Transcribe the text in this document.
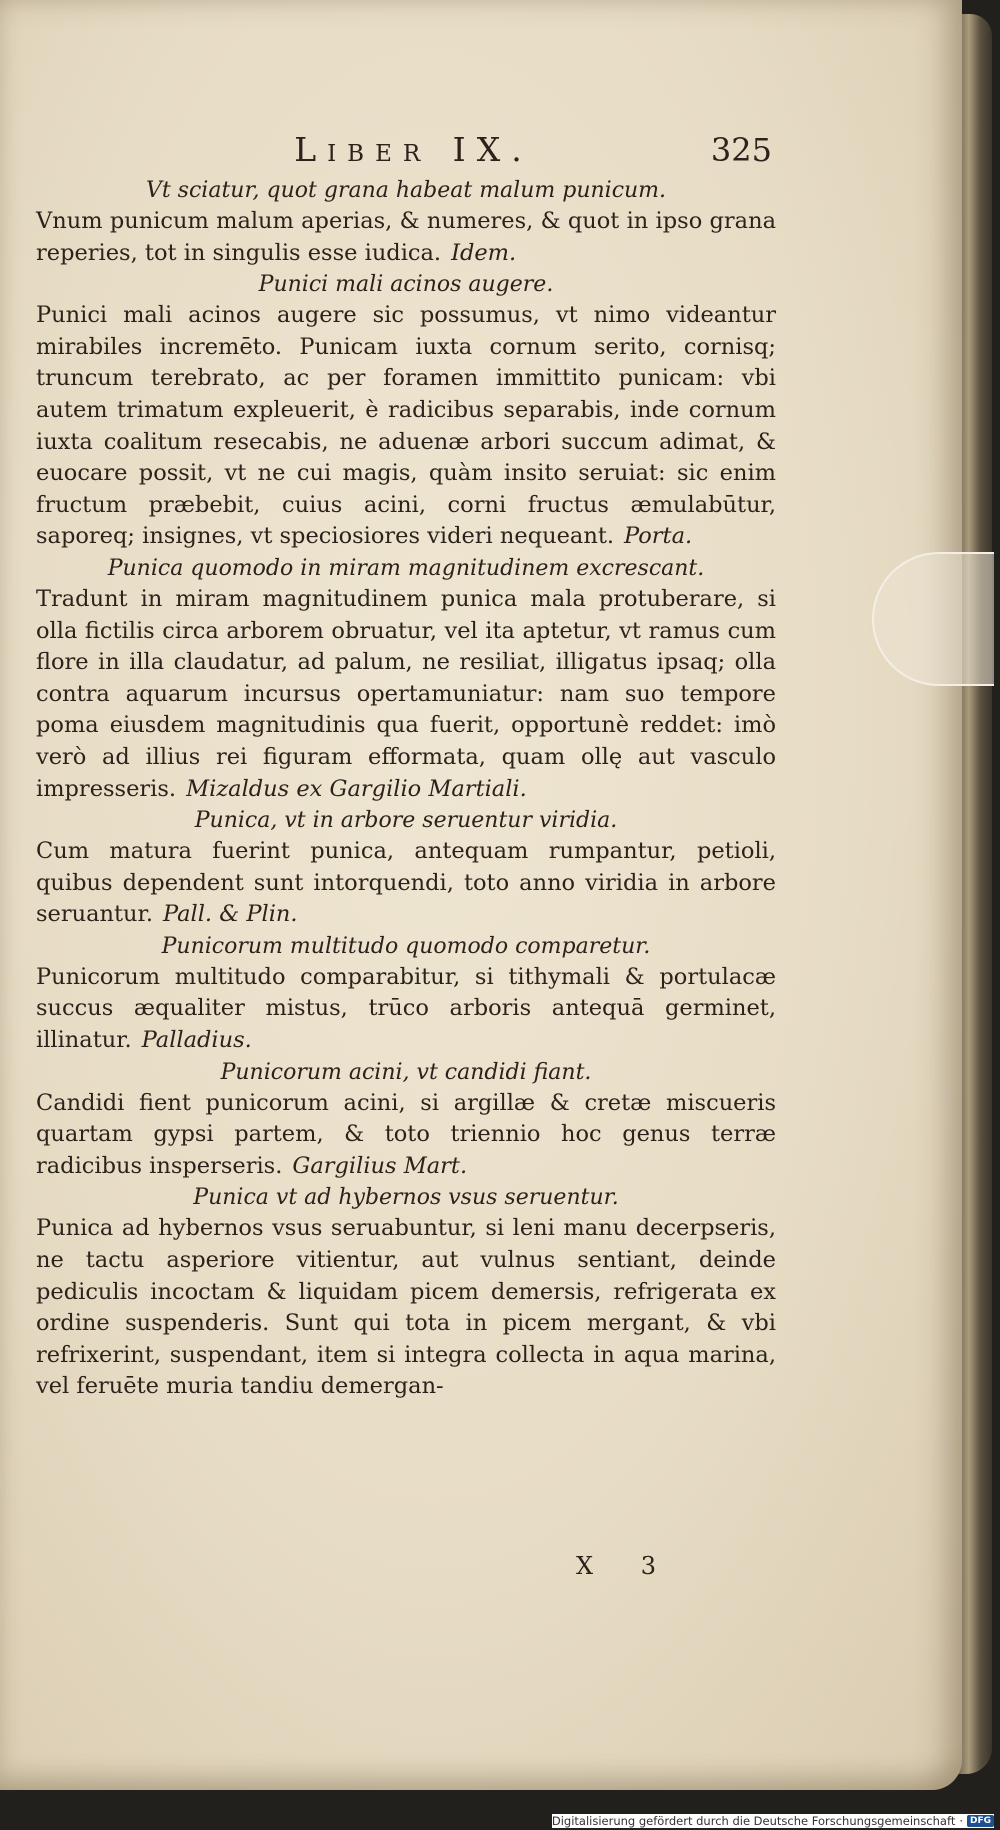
Liber IX.	325

Vt sciatur, quot grana habeat malum punicum.

Vnum punicum malum aperias, & numeres, & quot in ipso grana reperies, tot in singulis esse iudica. Idem.

Punici mali acinos augere.

Punici mali acinos augere sic possumus, vt nimo videantur mirabiles incremēto. Punicam iuxta cornum serito, cornisq; truncum terebrato, ac per foramen immittito punicam: vbi autem trimatum expleuerit, è radicibus separabis, inde cornum iuxta coalitum resecabis, ne aduenæ arbori succum adimat, & euocare possit, vt ne cui magis, quàm insito seruiat: sic enim fructum præbebit, cuius acini, corni fructus æmulabūtur, saporeq; insignes, vt speciosiores videri nequeant. Porta.

Punica quomodo in miram magnitudinem excrescant.

Tradunt in miram magnitudinem punica mala protuberare, si olla fictilis circa arborem obruatur, vel ita aptetur, vt ramus cum flore in illa claudatur, ad palum, ne resiliat, illigatus ipsaq; olla contra aquarum incursus opertamuniatur: nam suo tempore poma eiusdem magnitudinis qua fuerit, opportunè reddet: imò verò ad illius rei figuram efformata, quam ollę aut vasculo impresseris. Mizaldus ex Gargilio Martiali.

Punica, vt in arbore seruentur viridia.

Cum matura fuerint punica, antequam rumpantur, petioli, quibus dependent sunt intorquendi, toto anno viridia in arbore seruantur. Pall. & Plin.

Punicorum multitudo quomodo comparetur.

Punicorum multitudo comparabitur, si tithymali & portulacæ succus æqualiter mistus, trūco arboris antequā germinet, illinatur. Palladius.

Punicorum acini, vt candidi fiant.

Candidi fient punicorum acini, si argillæ & cretæ miscueris quartam gypsi partem, & toto triennio hoc genus terræ radicibus insperseris. Gargilius Mart.

Punica vt ad hybernos vsus seruentur.

Punica ad hybernos vsus seruabuntur, si leni manu decerpseris, ne tactu asperiore vitientur, aut vulnus sentiant, deinde pediculis incoctam & liquidam picem demersis, refrigerata ex ordine suspenderis. Sunt qui tota in picem mergant, & vbi refrixerint, suspendant, item si integra collecta in aqua marina, vel feruēte muria tandiu demergan-

X 3
Digitalisierung gefördert durch die Deutsche Forschungsgemeinschaft · DFG
